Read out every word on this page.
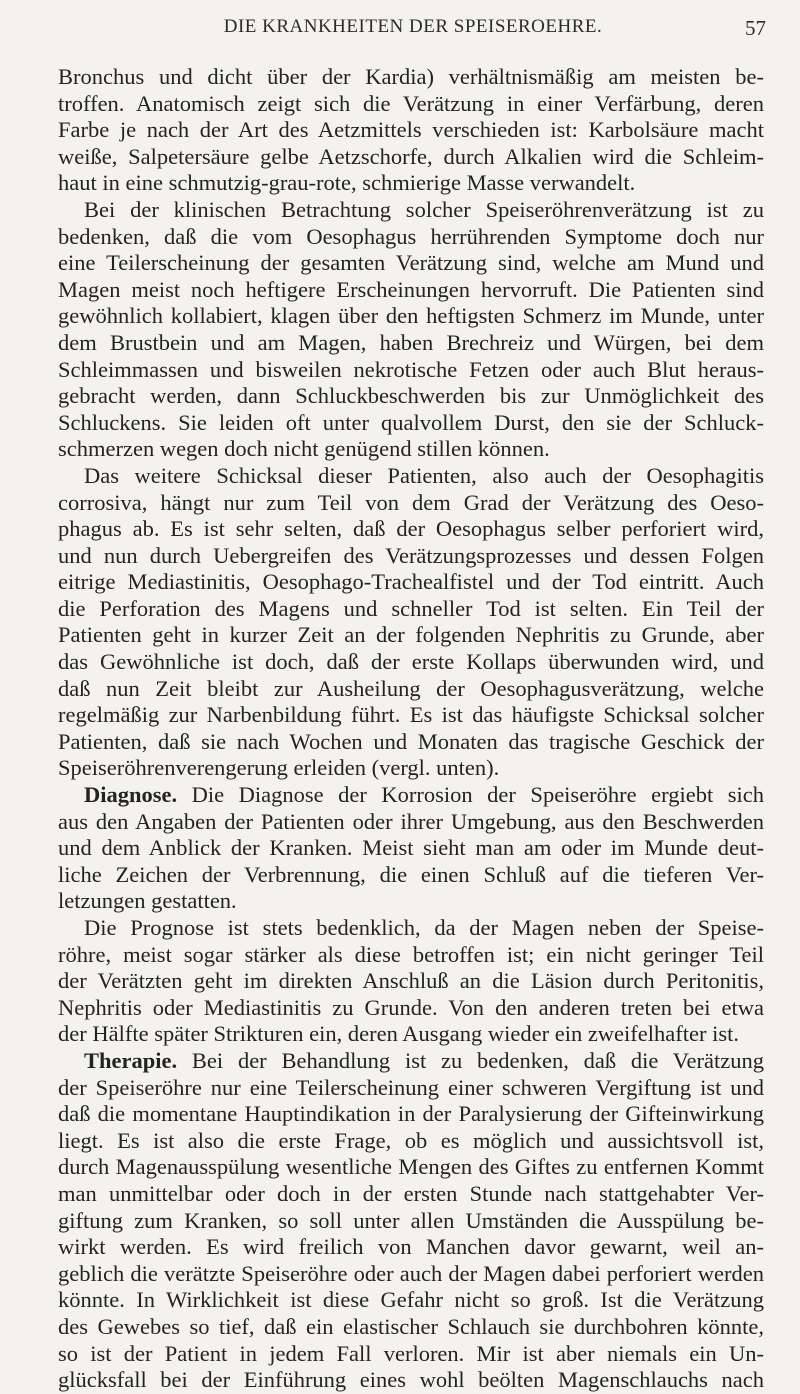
DIE KRANKHEITEN DER SPEISEROEHRE.	57
Bronchus und dicht über der Kardia) verhältnismäßig am meisten be-
troffen. Anatomisch zeigt sich die Verätzung in einer Verfärbung, deren
Farbe je nach der Art des Aetzmittels verschieden ist: Karbolsäure macht
weiße, Salpetersäure gelbe Aetzschorfe, durch Alkalien wird die Schleim-
haut in eine schmutzig-grau-rote, schmierige Masse verwandelt.
Bei der klinischen Betrachtung solcher Speiseröhrenverätzung ist zu
bedenken, daß die vom Oesophagus herrührenden Symptome doch nur
eine Teilerscheinung der gesamten Verätzung sind, welche am Mund und
Magen meist noch heftigere Erscheinungen hervorruft. Die Patienten sind
gewöhnlich kollabiert, klagen über den heftigsten Schmerz im Munde, unter
dem Brustbein und am Magen, haben Brechreiz und Würgen, bei dem
Schleimmassen und bisweilen nekrotische Fetzen oder auch Blut heraus-
gebracht werden, dann Schluckbeschwerden bis zur Unmöglichkeit des
Schluckens. Sie leiden oft unter qualvollem Durst, den sie der Schluck-
schmerzen wegen doch nicht genügend stillen können.
Das weitere Schicksal dieser Patienten, also auch der Oesophagitis
corrosiva, hängt nur zum Teil von dem Grad der Verätzung des Oeso-
phagus ab. Es ist sehr selten, daß der Oesophagus selber perforiert wird,
und nun durch Uebergreifen des Verätzungsprozesses und dessen Folgen
eitrige Mediastinitis, Oesophago-Trachealfistel und der Tod eintritt. Auch
die Perforation des Magens und schneller Tod ist selten. Ein Teil der
Patienten geht in kurzer Zeit an der folgenden Nephritis zu Grunde, aber
das Gewöhnliche ist doch, daß der erste Kollaps überwunden wird, und
daß nun Zeit bleibt zur Ausheilung der Oesophagusverätzung, welche
regelmäßig zur Narbenbildung führt. Es ist das häufigste Schicksal solcher
Patienten, daß sie nach Wochen und Monaten das tragische Geschick der
Speiseröhrenverengerung erleiden (vergl. unten).
Diagnose. Die Diagnose der Korrosion der Speiseröhre ergiebt sich
aus den Angaben der Patienten oder ihrer Umgebung, aus den Beschwerden
und dem Anblick der Kranken. Meist sieht man am oder im Munde deut-
liche Zeichen der Verbrennung, die einen Schluß auf die tieferen Ver-
letzungen gestatten.
Die Prognose ist stets bedenklich, da der Magen neben der Speise-
röhre, meist sogar stärker als diese betroffen ist; ein nicht geringer Teil
der Verätzten geht im direkten Anschluß an die Läsion durch Peritonitis,
Nephritis oder Mediastinitis zu Grunde. Von den anderen treten bei etwa
der Hälfte später Strikturen ein, deren Ausgang wieder ein zweifelhafter ist.
Therapie. Bei der Behandlung ist zu bedenken, daß die Verätzung
der Speiseröhre nur eine Teilerscheinung einer schweren Vergiftung ist und
daß die momentane Hauptindikation in der Paralysierung der Gifteinwirkung
liegt. Es ist also die erste Frage, ob es möglich und aussichtsvoll ist,
durch Magenausspülung wesentliche Mengen des Giftes zu entfernen Kommt
man unmittelbar oder doch in der ersten Stunde nach stattgehabter Ver-
giftung zum Kranken, so soll unter allen Umständen die Ausspülung be-
wirkt werden. Es wird freilich von Manchen davor gewarnt, weil an-
geblich die verätzte Speiseröhre oder auch der Magen dabei perforiert werden
könnte. In Wirklichkeit ist diese Gefahr nicht so groß. Ist die Verätzung
des Gewebes so tief, daß ein elastischer Schlauch sie durchbohren könnte,
so ist der Patient in jedem Fall verloren. Mir ist aber niemals ein Un-
glücksfall bei der Einführung eines wohl beölten Magenschlauchs nach
